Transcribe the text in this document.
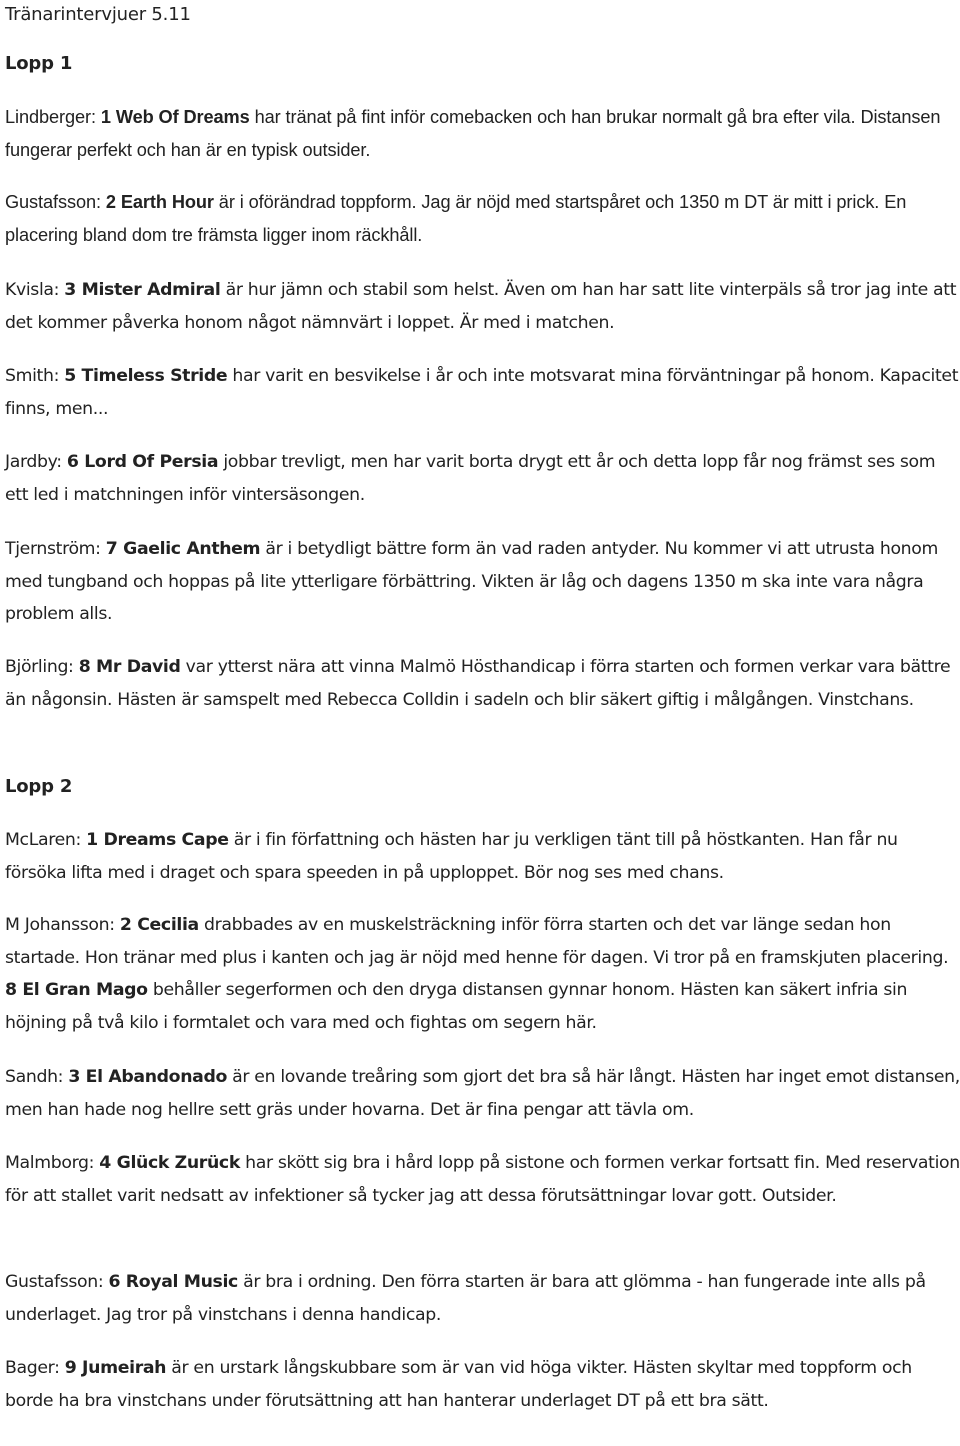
Tränarintervjuer 5.11
Lopp 1

Lindberger: 1 Web Of Dreams har tränat på fint inför comebacken och han brukar normalt gå bra efter vila. Distansen fungerar perfekt och han är en typisk outsider.

Gustafsson: 2 Earth Hour är i oförändrad toppform. Jag är nöjd med startspåret och 1350 m DT är mitt i prick. En placering bland dom tre främsta ligger inom räckhåll.

Kvisla: 3 Mister Admiral är hur jämn och stabil som helst. Även om han har satt lite vinterpäls så tror jag inte att det kommer påverka honom något nämnvärt i loppet. Är med i matchen.

Smith: 5 Timeless Stride har varit en besvikelse i år och inte motsvarat mina förväntningar på honom. Kapacitet finns, men...

Jardby: 6 Lord Of Persia jobbar trevligt, men har varit borta drygt ett år och detta lopp får nog främst ses som ett led i matchningen inför vintersäsongen.

Tjernström: 7 Gaelic Anthem är i betydligt bättre form än vad raden antyder. Nu kommer vi att utrusta honom med tungband och hoppas på lite ytterligare förbättring. Vikten är låg och dagens 1350 m ska inte vara några problem alls.

Björling: 8 Mr David var ytterst nära att vinna Malmö Hösthandicap i förra starten och formen verkar vara bättre än någonsin. Hästen är samspelt med Rebecca Colldin i sadeln och blir säkert giftig i målgången. Vinstchans.

Lopp 2

McLaren: 1 Dreams Cape är i fin författning och hästen har ju verkligen tänt till på höstkanten. Han får nu försöka lifta med i draget och spara speeden in på upploppet. Bör nog ses med chans.

M Johansson: 2 Cecilia drabbades av en muskelsträckning inför förra starten och det var länge sedan hon startade. Hon tränar med plus i kanten och jag är nöjd med henne för dagen. Vi tror på en framskjuten placering. 8 El Gran Mago behåller segerformen och den dryga distansen gynnar honom. Hästen kan säkert infria sin höjning på två kilo i formtalet och vara med och fightas om segern här.

Sandh: 3 El Abandonado är en lovande treåring som gjort det bra så här långt. Hästen har inget emot distansen, men han hade nog hellre sett gräs under hovarna. Det är fina pengar att tävla om.

Malmborg: 4 Glück Zurück har skött sig bra i hård lopp på sistone och formen verkar fortsatt fin. Med reservation för att stallet varit nedsatt av infektioner så tycker jag att dessa förutsättningar lovar gott. Outsider.

Gustafsson: 6 Royal Music är bra i ordning. Den förra starten är bara att glömma - han fungerade inte alls på underlaget. Jag tror på vinstchans i denna handicap.

Bager: 9 Jumeirah är en urstark långskubbare som är van vid höga vikter. Hästen skyltar med toppform och borde ha bra vinstchans under förutsättning att han hanterar underlaget DT på ett bra sätt.
